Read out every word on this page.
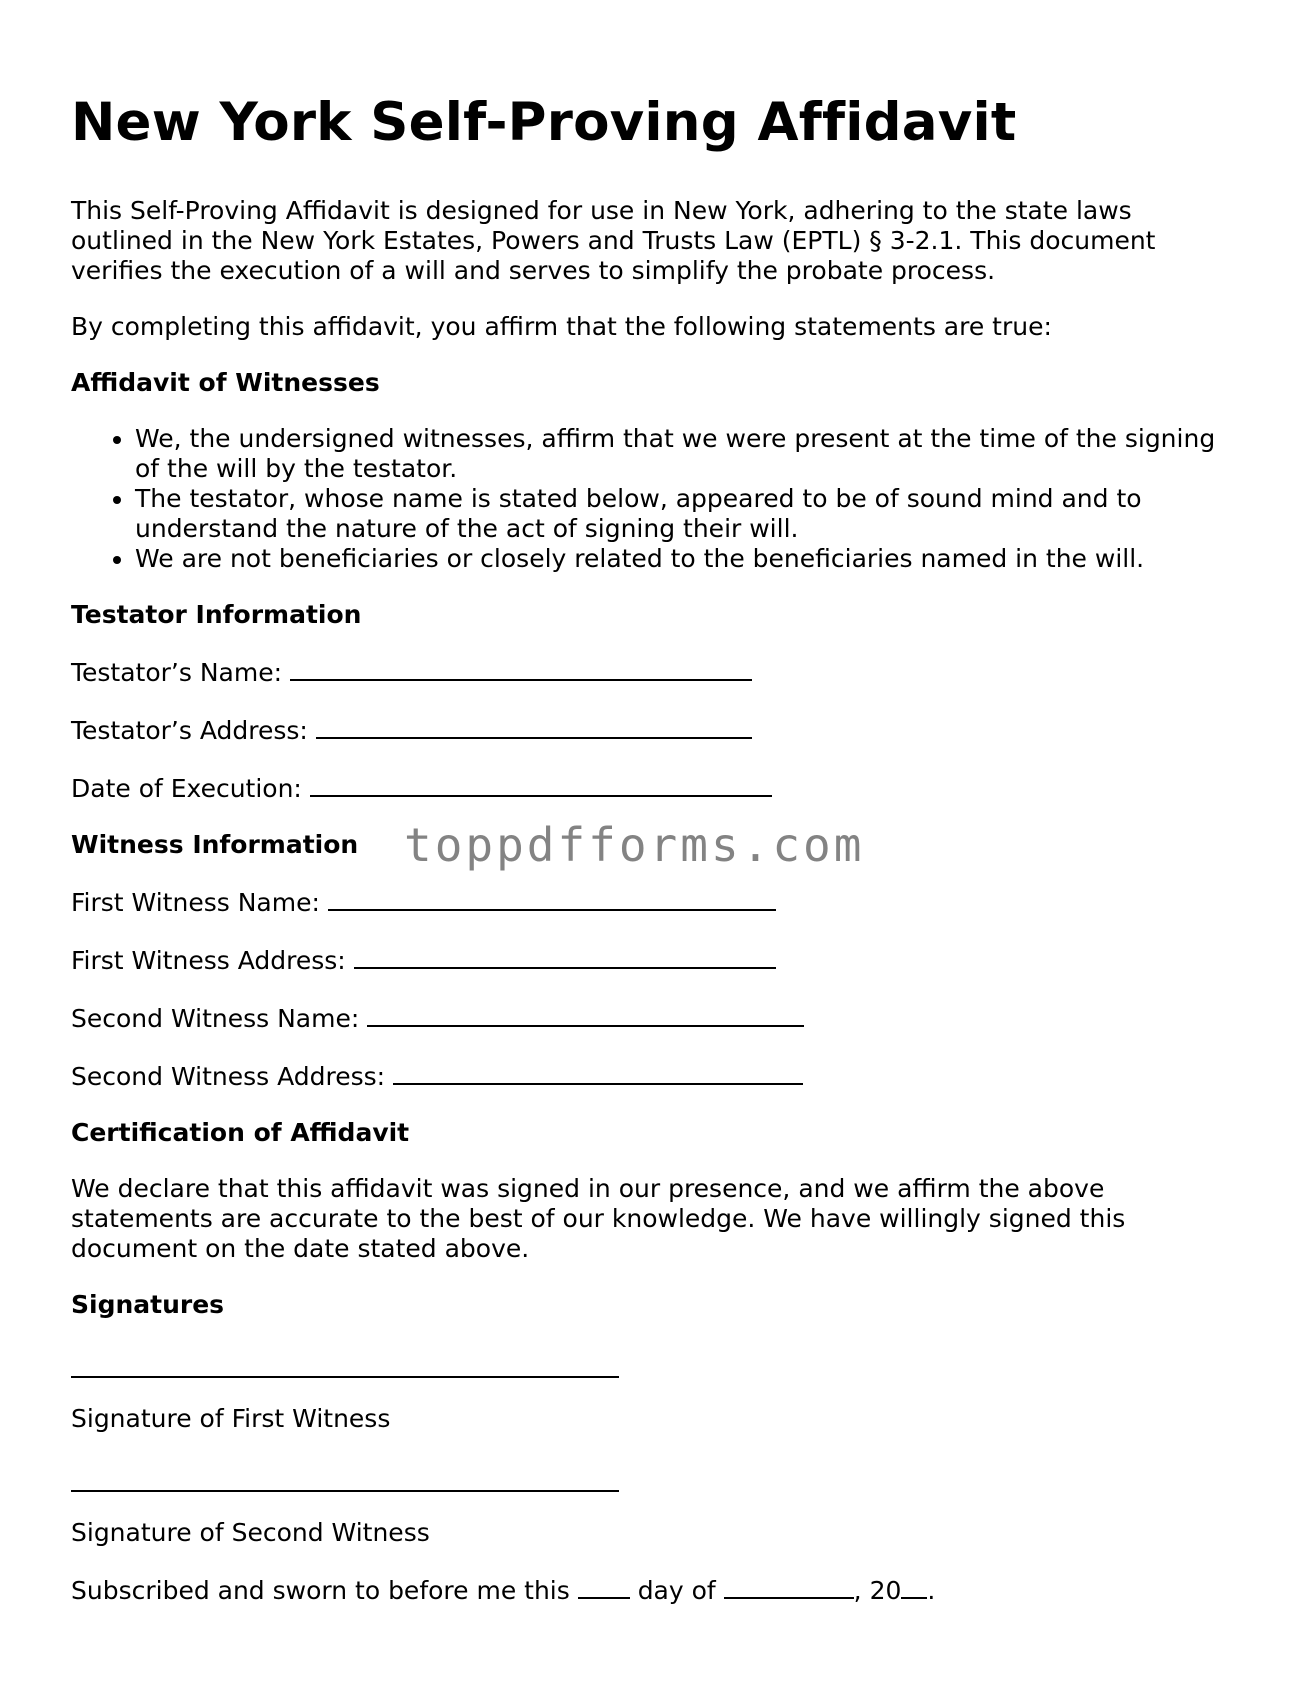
New York Self-Proving Affidavit

This Self-Proving Affidavit is designed for use in New York, adhering to the state laws outlined in the New York Estates, Powers and Trusts Law (EPTL) § 3-2.1. This document verifies the execution of a will and serves to simplify the probate process.

By completing this affidavit, you affirm that the following statements are true:

Affidavit of Witnesses
• We, the undersigned witnesses, affirm that we were present at the time of the signing of the will by the testator.
• The testator, whose name is stated below, appeared to be of sound mind and to understand the nature of the act of signing their will.
• We are not beneficiaries or closely related to the beneficiaries named in the will.
Testator Information
Testator’s Name:
Testator’s Address:
Date of Execution:
Witness Information
First Witness Name:
First Witness Address:
Second Witness Name:
Second Witness Address:
Certification of Affidavit

We declare that this affidavit was signed in our presence, and we affirm the above statements are accurate to the best of our knowledge. We have willingly signed this document on the date stated above.

Signatures
Signature of First Witness
Signature of Second Witness
Subscribed and sworn to before me this	day of	, 20 .
toppdfforms.com
